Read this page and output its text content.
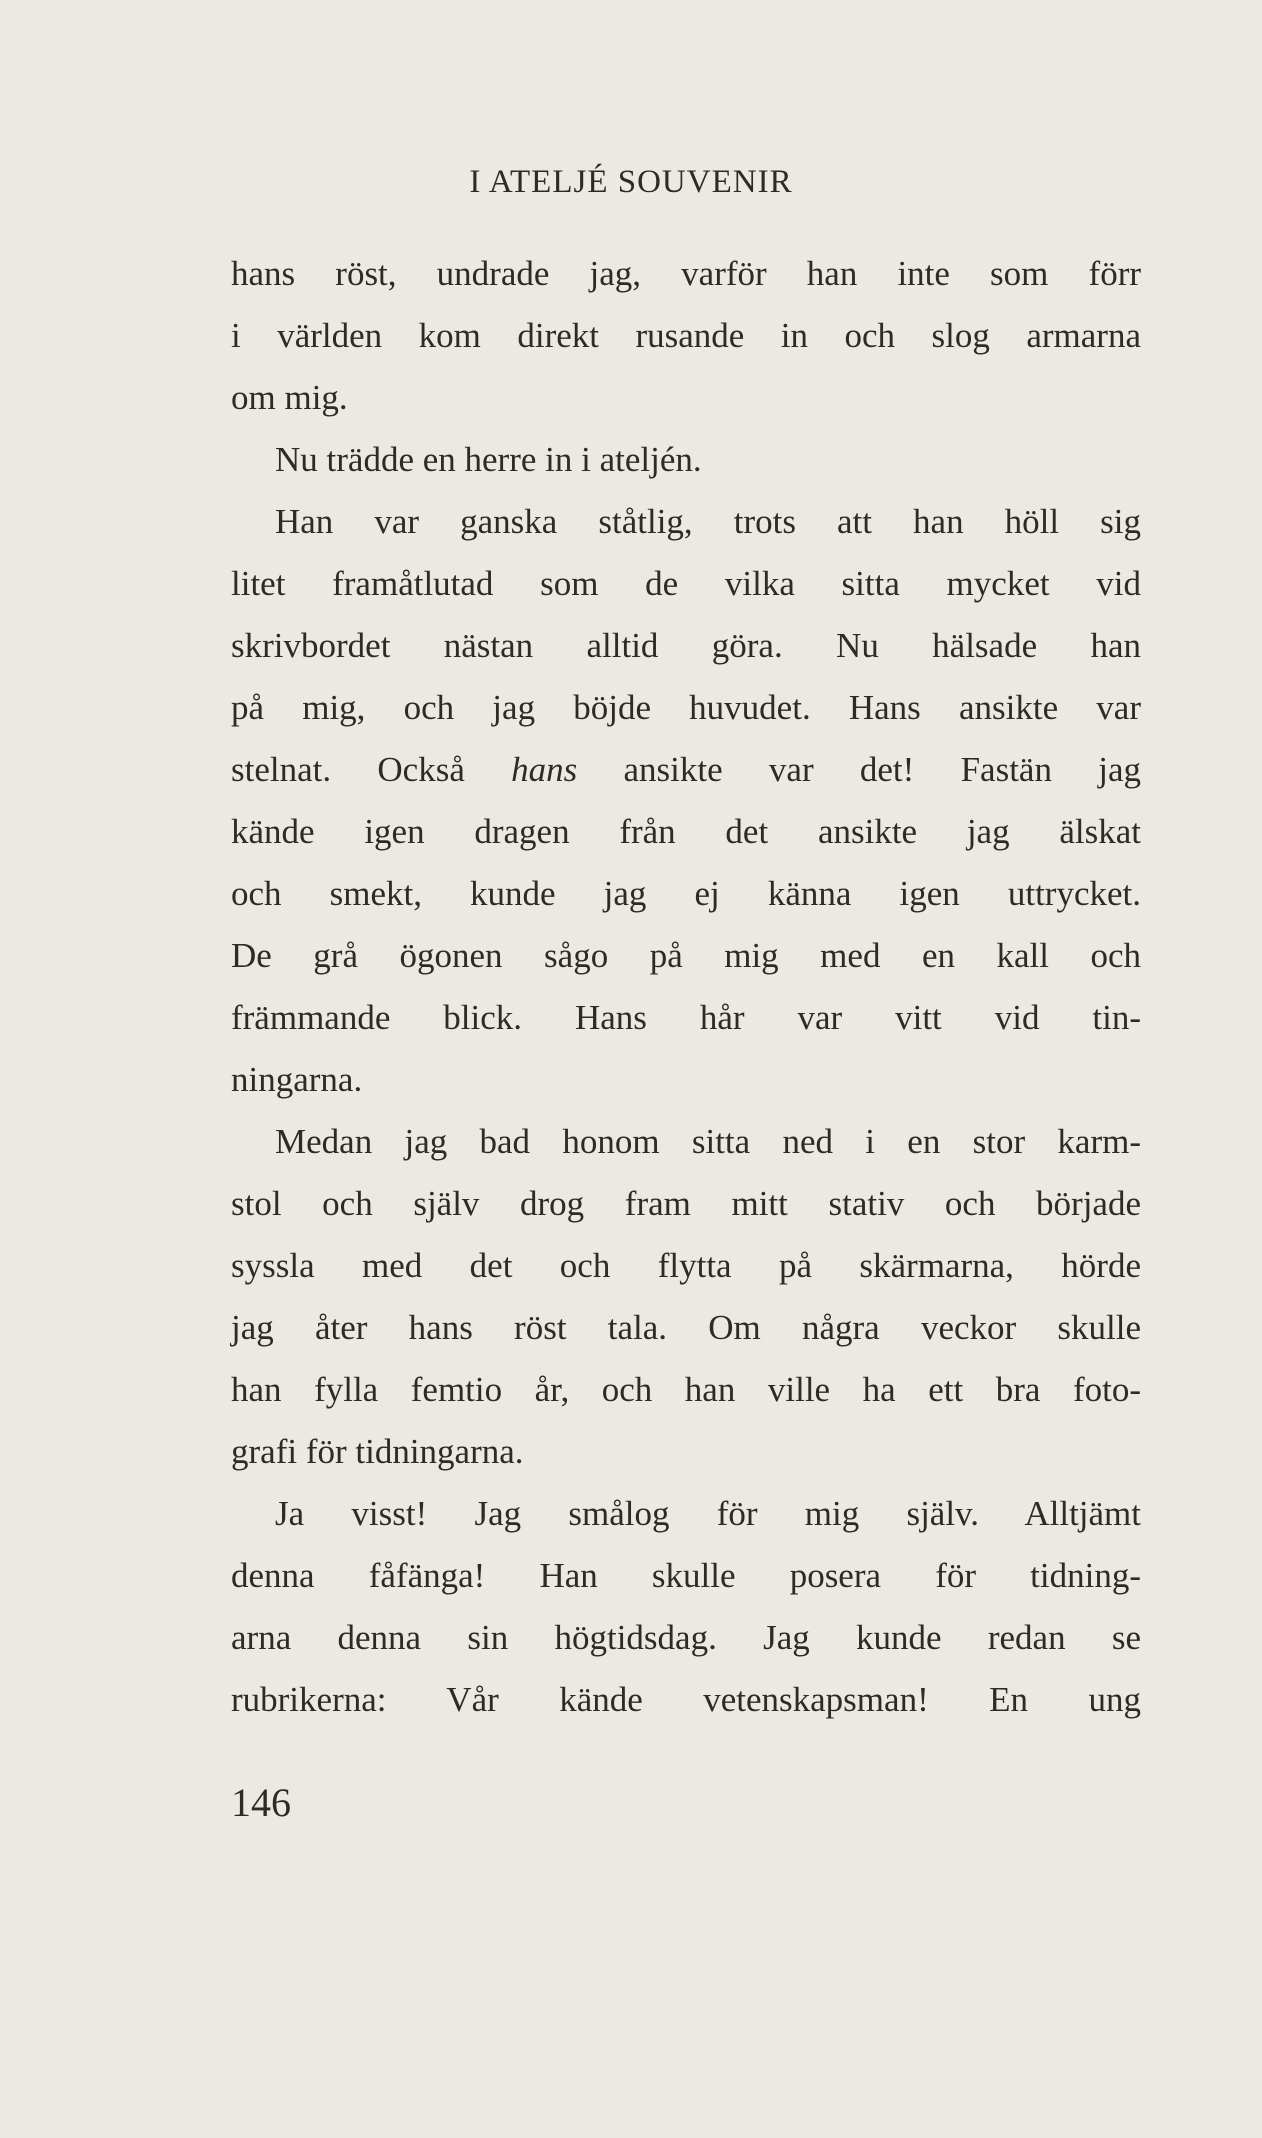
I ATELJÉ SOUVENIR
hans röst, undrade jag, varför han inte som förr
i världen kom direkt rusande in och slog armarna
om mig.
Nu trädde en herre in i ateljén.
Han var ganska ståtlig, trots att han höll sig
litet framåtlutad som de vilka sitta mycket vid
skrivbordet nästan alltid göra. Nu hälsade han
på mig, och jag böjde huvudet. Hans ansikte var
stelnat. Också hans ansikte var det! Fastän jag
kände igen dragen från det ansikte jag älskat
och smekt, kunde jag ej känna igen uttrycket.
De grå ögonen sågo på mig med en kall och
främmande blick. Hans hår var vitt vid tin-
ningarna.
Medan jag bad honom sitta ned i en stor karm-
stol och själv drog fram mitt stativ och började
syssla med det och flytta på skärmarna, hörde
jag åter hans röst tala. Om några veckor skulle
han fylla femtio år, och han ville ha ett bra foto-
grafi för tidningarna.
Ja visst! Jag smålog för mig själv. Alltjämt
denna fåfänga! Han skulle posera för tidning-
arna denna sin högtidsdag. Jag kunde redan se
rubrikerna: Vår kände vetenskapsman! En ung
146
